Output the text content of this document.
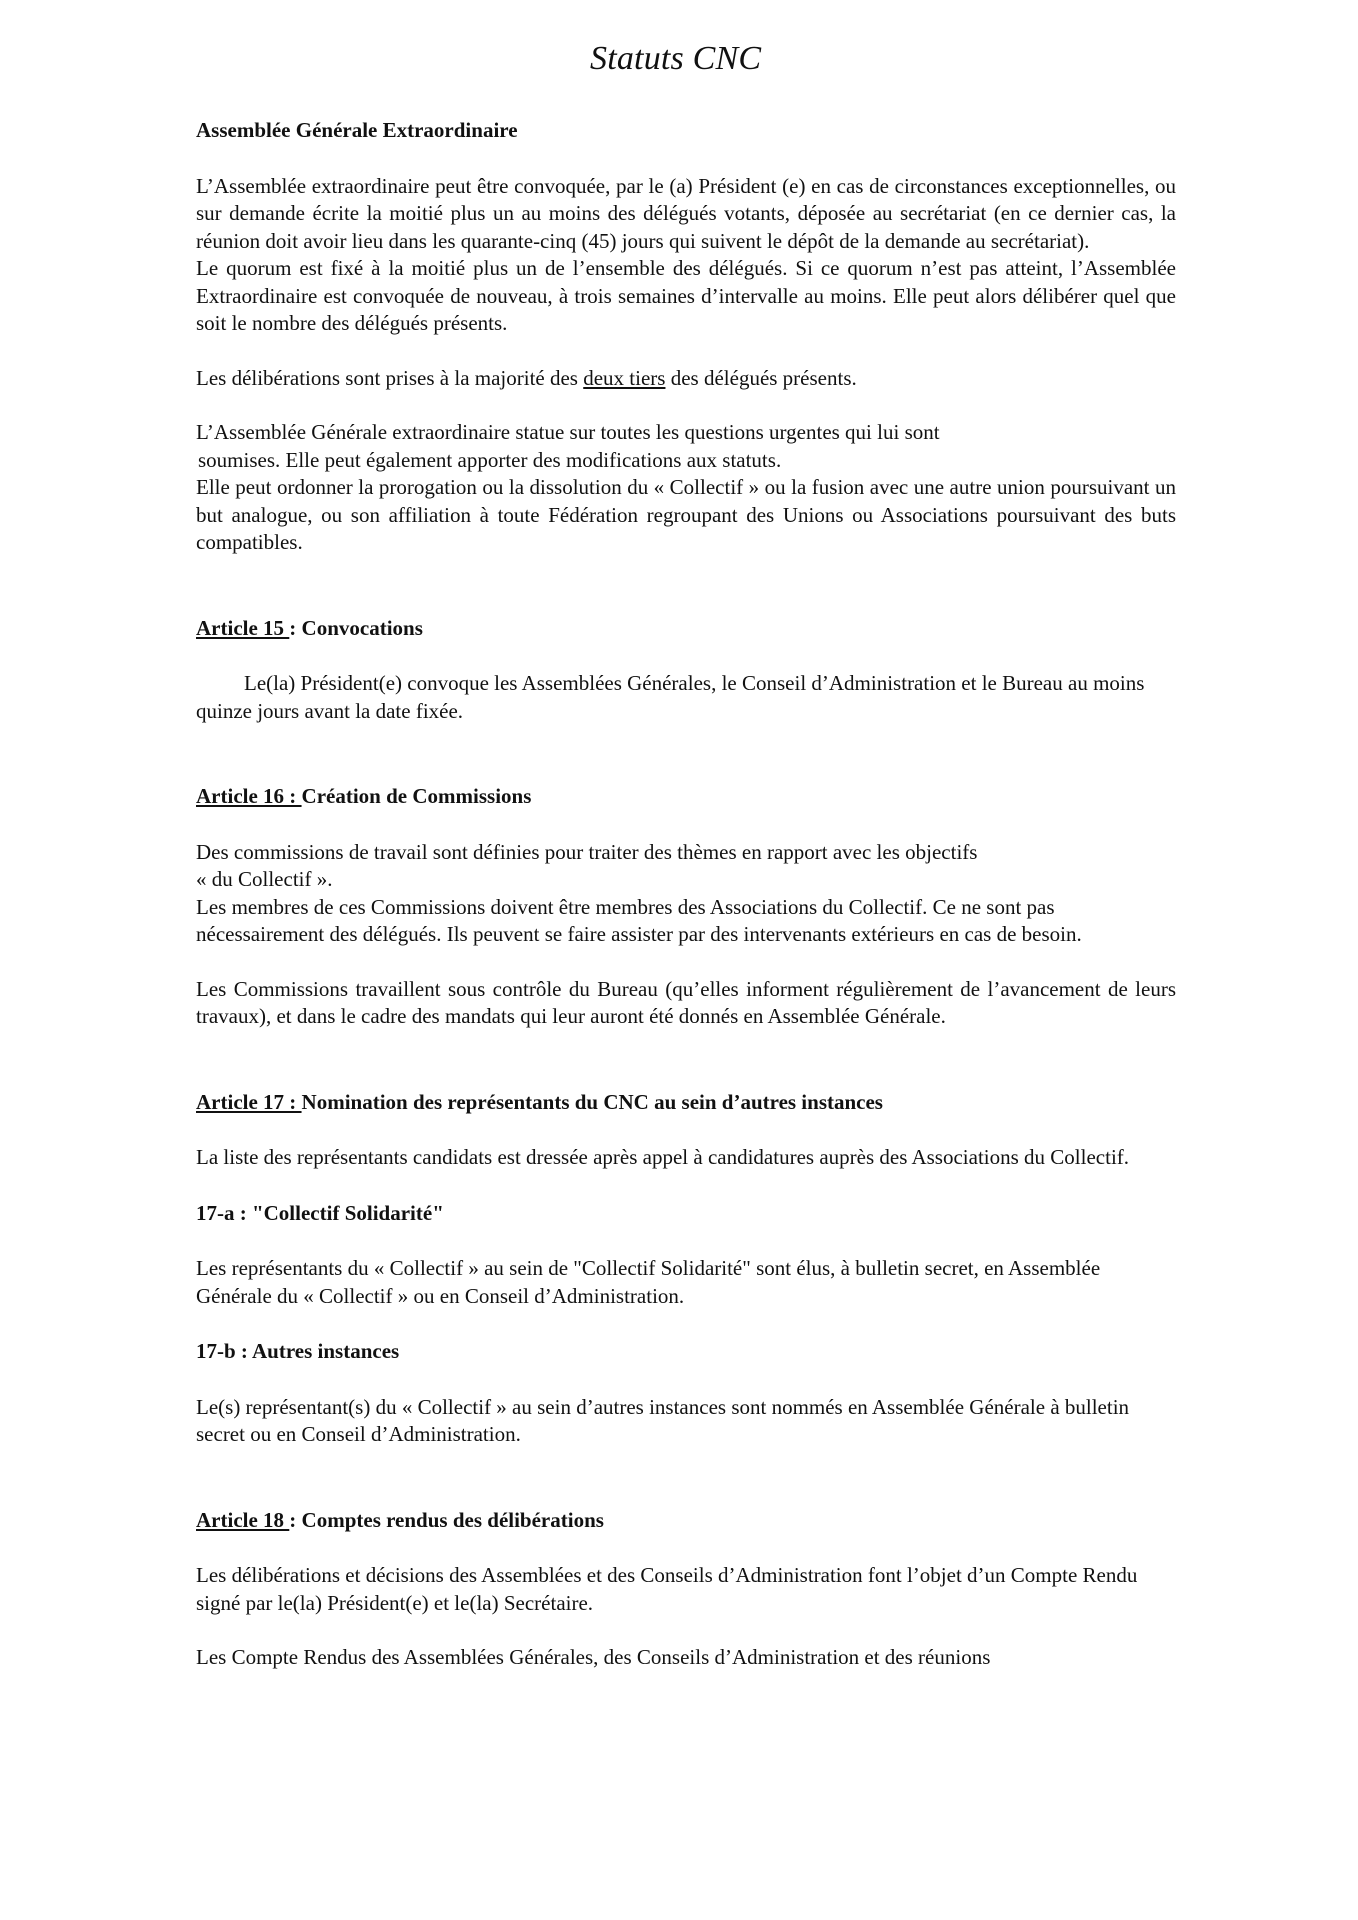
Statuts CNC

Assemblée Générale Extraordinaire

L’Assemblée extraordinaire peut être convoquée, par le (a) Président (e) en cas de circonstances exceptionnelles, ou sur demande écrite la moitié plus un au moins des délégués votants, déposée au secrétariat (en ce dernier cas, la réunion doit avoir lieu dans les quarante-cinq (45) jours qui suivent le dépôt de la demande au secrétariat).

Le quorum est fixé à la moitié plus un de l’ensemble des délégués. Si ce quorum n’est pas atteint, l’Assemblée Extraordinaire est convoquée de nouveau, à trois semaines d’intervalle au moins. Elle peut alors délibérer quel que soit le nombre des délégués présents.

Les délibérations sont prises à la majorité des deux tiers des délégués présents.

L’Assemblée Générale extraordinaire statue sur toutes les questions urgentes qui lui sont

soumises. Elle peut également apporter des modifications aux statuts.

Elle peut ordonner la prorogation ou la dissolution du « Collectif » ou la fusion avec une autre union poursuivant un but analogue, ou son affiliation à toute Fédération regroupant des Unions ou Associations poursuivant des buts compatibles.

Article 15 : Convocations

Le(la) Président(e) convoque les Assemblées Générales, le Conseil d’Administration et le Bureau au moins quinze jours avant la date fixée.

Article 16 : Création de Commissions

Des commissions de travail sont définies pour traiter des thèmes en rapport avec les objectifs

« du Collectif ».

Les membres de ces Commissions doivent être membres des Associations du Collectif. Ce ne sont pas nécessairement des délégués. Ils peuvent se faire assister par des intervenants extérieurs en cas de besoin.

Les Commissions travaillent sous contrôle du Bureau (qu’elles informent régulièrement de l’avancement de leurs travaux), et dans le cadre des mandats qui leur auront été donnés en Assemblée Générale.

Article 17 : Nomination des représentants du CNC au sein d’autres instances

La liste des représentants candidats est dressée après appel à candidatures auprès des Associations du Collectif.

17-a : "Collectif Solidarité"

Les représentants du « Collectif » au sein de "Collectif Solidarité" sont élus, à bulletin secret, en Assemblée Générale du « Collectif » ou en Conseil d’Administration.

17-b : Autres instances

Le(s) représentant(s) du « Collectif » au sein d’autres instances sont nommés en Assemblée Générale à bulletin secret ou en Conseil d’Administration.

Article 18 : Comptes rendus des délibérations

Les délibérations et décisions des Assemblées et des Conseils d’Administration font l’objet d’un Compte Rendu signé par le(la) Président(e) et le(la) Secrétaire.

Les Compte Rendus des Assemblées Générales, des Conseils d’Administration et des réunions
